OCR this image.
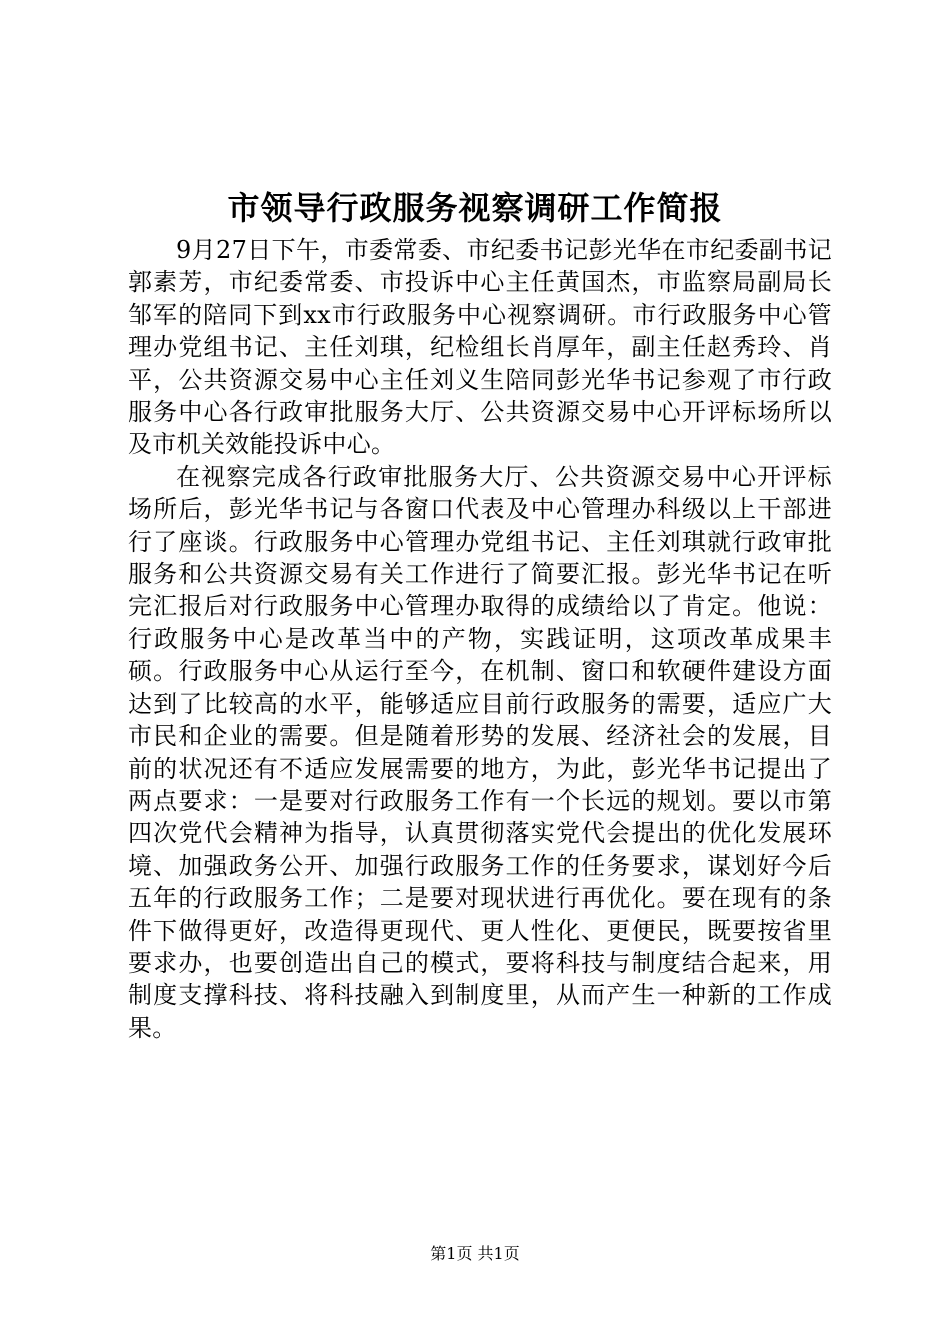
市领导行政服务视察调研工作简报

9月27日下午，市委常委、市纪委书记彭光华在市纪委副书记郭素芳，市纪委常委、市投诉中心主任黄国杰，市监察局副局长邹军的陪同下到xx市行政服务中心视察调研。市行政服务中心管理办党组书记、主任刘琪，纪检组长肖厚年，副主任赵秀玲、肖平，公共资源交易中心主任刘义生陪同彭光华书记参观了市行政服务中心各行政审批服务大厅、公共资源交易中心开评标场所以及市机关效能投诉中心。

在视察完成各行政审批服务大厅、公共资源交易中心开评标场所后，彭光华书记与各窗口代表及中心管理办科级以上干部进行了座谈。行政服务中心管理办党组书记、主任刘琪就行政审批服务和公共资源交易有关工作进行了简要汇报。彭光华书记在听完汇报后对行政服务中心管理办取得的成绩给以了肯定。他说：行政服务中心是改革当中的产物，实践证明，这项改革成果丰硕。行政服务中心从运行至今，在机制、窗口和软硬件建设方面达到了比较高的水平，能够适应目前行政服务的需要，适应广大市民和企业的需要。但是随着形势的发展、经济社会的发展，目前的状况还有不适应发展需要的地方，为此，彭光华书记提出了两点要求：一是要对行政服务工作有一个长远的规划。要以市第四次党代会精神为指导，认真贯彻落实党代会提出的优化发展环境、加强政务公开、加强行政服务工作的任务要求，谋划好今后五年的行政服务工作；二是要对现状进行再优化。要在现有的条件下做得更好，改造得更现代、更人性化、更便民，既要按省里要求办，也要创造出自己的模式，要将科技与制度结合起来，用制度支撑科技、将科技融入到制度里，从而产生一种新的工作成果。

第1页 共1页
